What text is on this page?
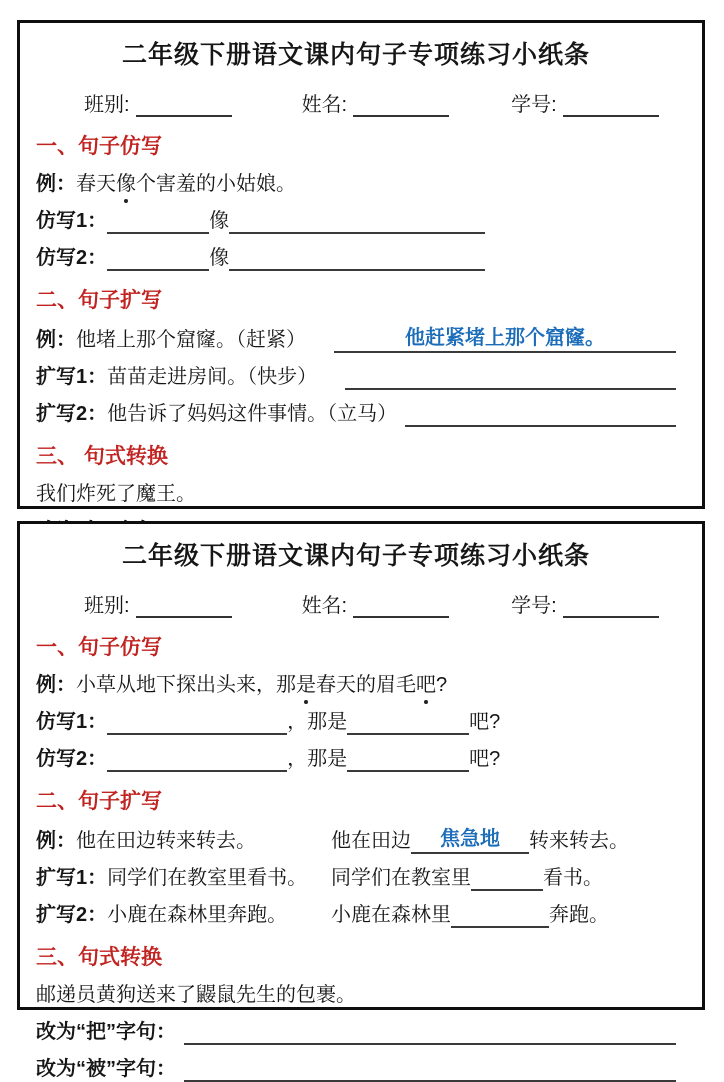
二年级下册语文课内句子专项练习小纸条
班别:	姓名:	学号:
一、句子仿写
例： 春天 像 个害羞的小姑娘。
仿写1：	像
仿写2：	像
二、句子扩写
例： 他堵上那个窟窿。（赶紧）	他赶紧堵上那个窟窿。
扩写1： 苗苗走进房间。（快步）
扩写2： 他告诉了妈妈这件事情。（立马）
三、 句式转换
我们炸死了魔王。
二年级下册语文课内句子专项练习小纸条
班别:	姓名:	学号:
一、句子仿写
例： 小草从地下探出头来，那 是 春天的眉毛 吧 ?
仿写1：	，那是	吧?
仿写2：	，那是	吧?
二、句子扩写
例：他在田边转来转去。	他在田边 焦急地 转来转去。
扩写1：同学们在教室里看书。	同学们在教室里	看书。
扩写2：小鹿在森林里奔跑。	小鹿在森林里	奔跑。
三、句式转换
邮递员黄狗送来了鼹鼠先生的包裹。
改为“把”字句：
改为“被”字句：
